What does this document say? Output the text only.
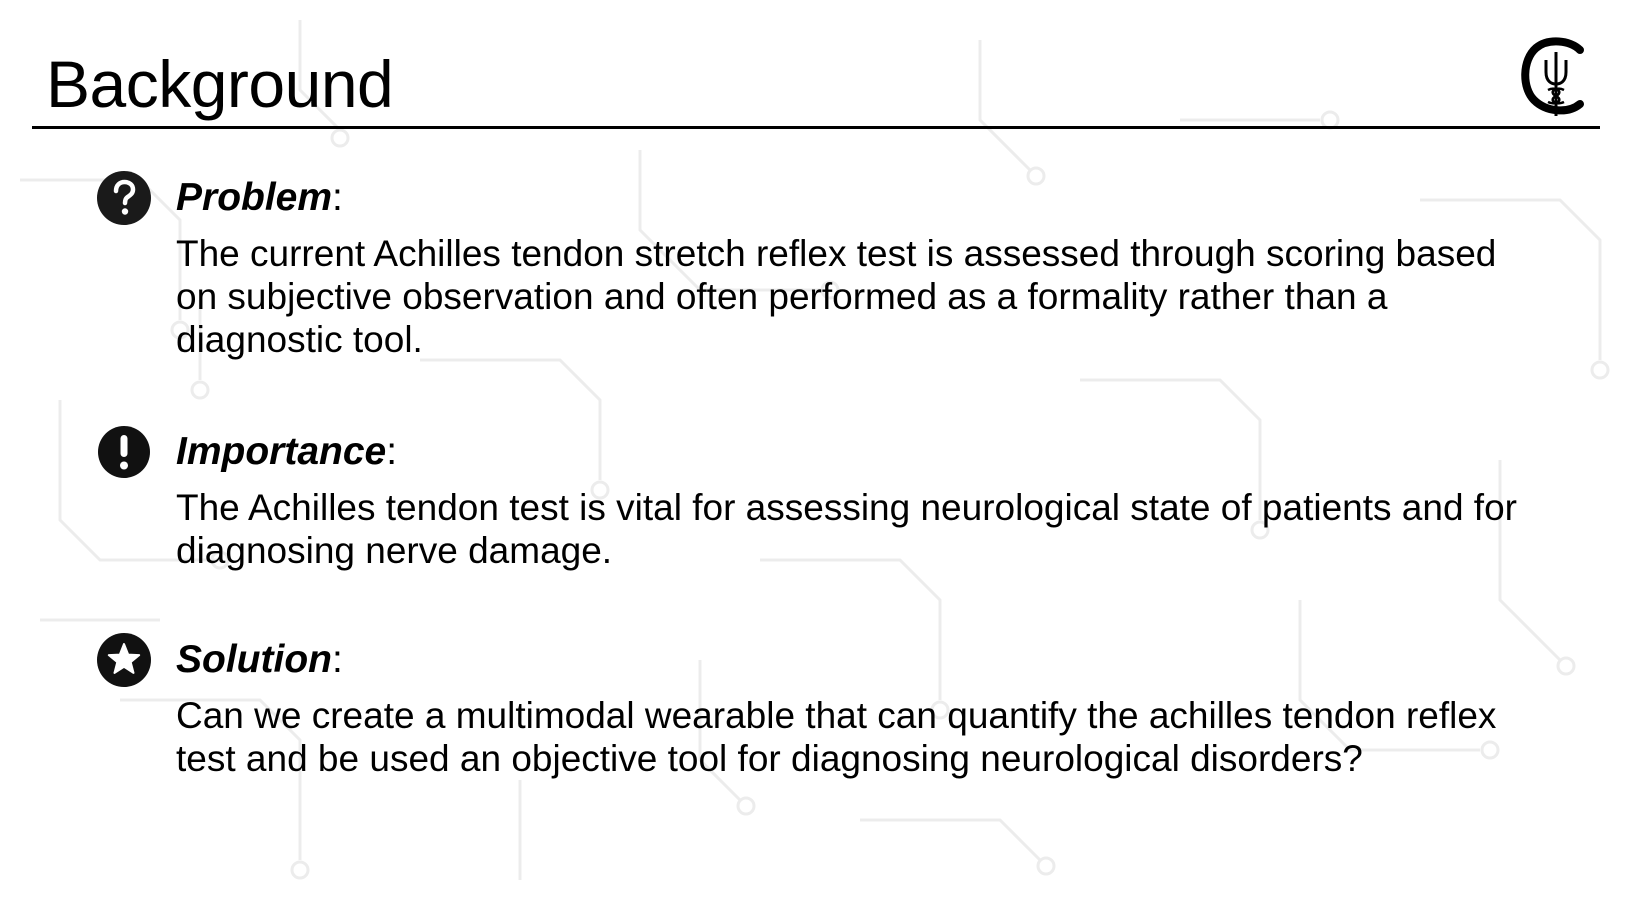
Background
Problem:
The current Achilles tendon stretch reflex test is assessed through scoring based on subjective observation and often performed as a formality rather than a diagnostic tool.
Importance:
The Achilles tendon test is vital for assessing neurological state of patients and for diagnosing nerve damage.
Solution:
Can we create a multimodal wearable that can quantify the achilles tendon reflex test and be used an objective tool for diagnosing neurological disorders?
